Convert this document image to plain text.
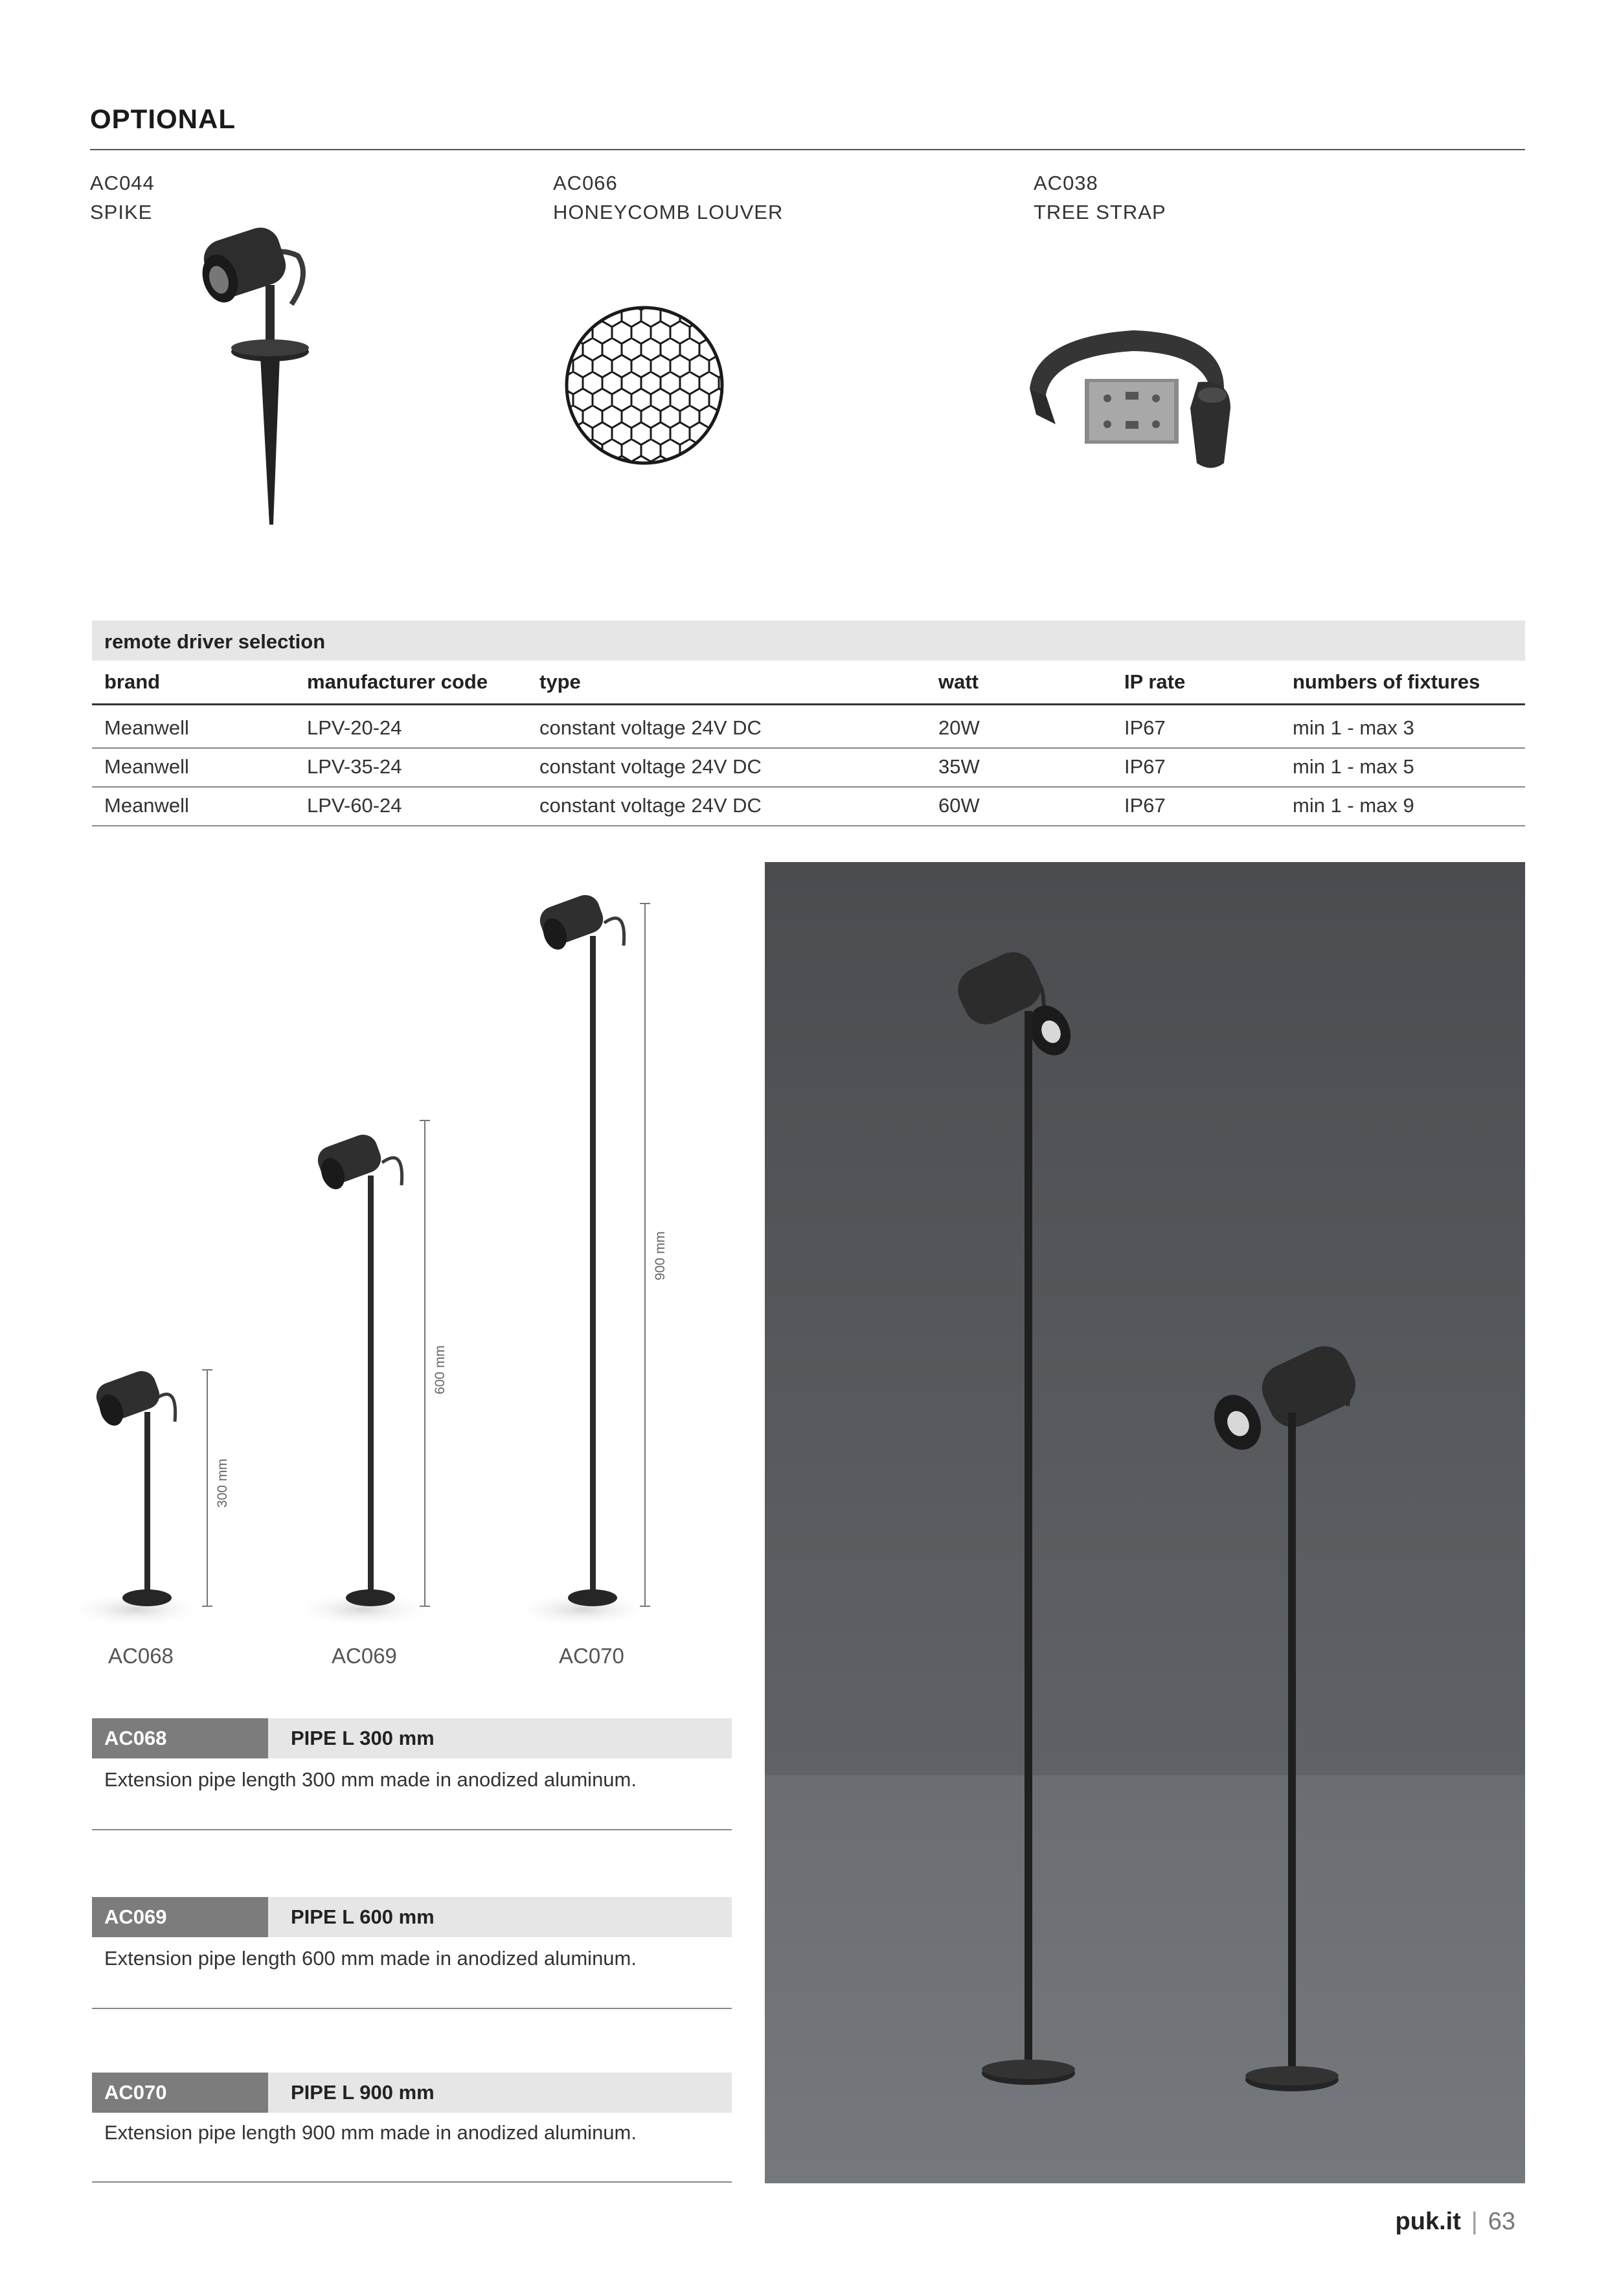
OPTIONAL
AC044
SPIKE
AC066
HONEYCOMB LOUVER
AC038
TREE STRAP
remote driver selection
brand	manufacturer code	type	watt	IP rate	numbers of fixtures
Meanwell	LPV-20-24	constant voltage 24V DC	20W	IP67	min 1 - max 3
Meanwell	LPV-35-24	constant voltage 24V DC	35W	IP67	min 1 - max 5
Meanwell	LPV-60-24	constant voltage 24V DC	60W	IP67	min 1 - max 9
300 mm
600 mm
900 mm
AC068	AC069	AC070
AC068	PIPE L 300 mm
Extension pipe length 300 mm made in anodized aluminum.
AC069	PIPE L 600 mm
Extension pipe length 600 mm made in anodized aluminum.
AC070	PIPE L 900 mm
Extension pipe length 900 mm made in anodized aluminum.
puk.it | 63
